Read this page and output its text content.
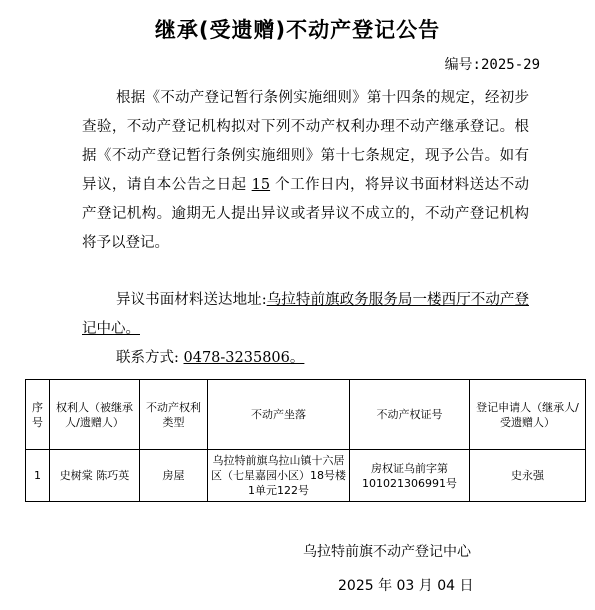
继承(受遗赠)不动产登记公告
编号:2025-29
根据《不动产登记暂行条例实施细则》第十四条的规定，经初步查验，不动产登记机构拟对下列不动产权利办理不动产继承登记。根据《不动产登记暂行条例实施细则》第十七条规定，现予公告。如有异议，请自本公告之日起 15 个工作日内，将异议书面材料送达不动产登记机构。逾期无人提出异议或者异议不成立的，不动产登记机构将予以登记。
异议书面材料送达地址:乌拉特前旗政务服务局一楼西厅不动产登记中心。
联系方式: 0478-3235806。
序号	权利人（被继承人/遗赠人）	不动产权利类型	不动产坐落	不动产权证号	登记申请人（继承人/受遗赠人）
1	史树棠 陈巧英	房屋	乌拉特前旗乌拉山镇十六居区（七星嘉园小区）18号楼1单元122号	房权证乌前字第101021306991号	史永强
乌拉特前旗不动产登记中心
2025 年 03 月 04 日
